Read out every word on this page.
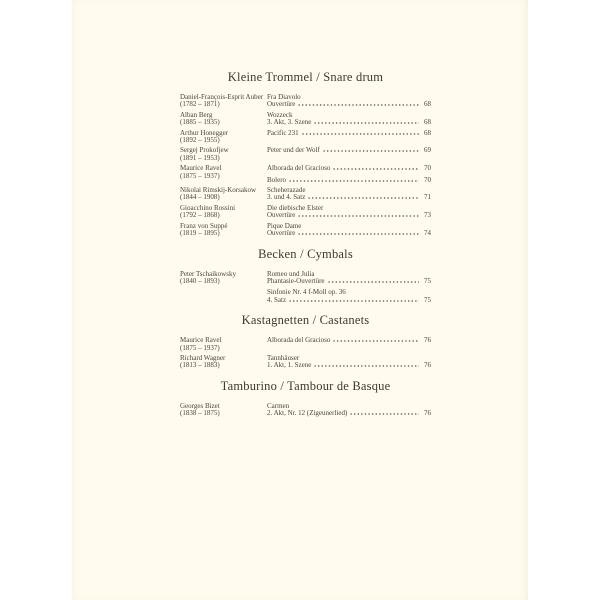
Kleine Trommel / Snare drum
Daniel-François-Esprit Auber
(1782 – 1871)
Fra Diavolo
Ouvertüre	68
Alban Berg
(1885 – 1935)
Wozzeck
3. Akt, 3. Szene	68
Arthur Honegger
(1892 – 1955)
Pacific 231	68
Sergej Prokofjew
(1891 – 1953)
Peter und der Wolf	69
Maurice Ravel
(1875 – 1937)
Alborada del Gracioso	70
Bolero	70
Nikolai Rimskij-Korsakow
(1844 – 1908)
Scheherazade
3. und 4. Satz	71
Gioacchino Rossini
(1792 – 1868)
Die diebische Elster
Ouvertüre	73
Franz von Suppé
(1819 – 1895)
Pique Dame
Ouvertüre	74
Becken / Cymbals
Peter Tschaikowsky
(1840 – 1893)
Romeo und Julia
Phantasie-Ouvertüre	75
Sinfonie Nr. 4 f-Moll op. 36
4. Satz	75
Kastagnetten / Castanets
Maurice Ravel
(1875 – 1937)
Alborada del Gracioso	76
Richard Wagner
(1813 – 1883)
Tannhäuser
1. Akt, 1. Szene	76
Tamburino / Tambour de Basque
Georges Bizet
(1838 – 1875)
Carmen
2. Akt, Nr. 12 (Zigeunerlied)	76
